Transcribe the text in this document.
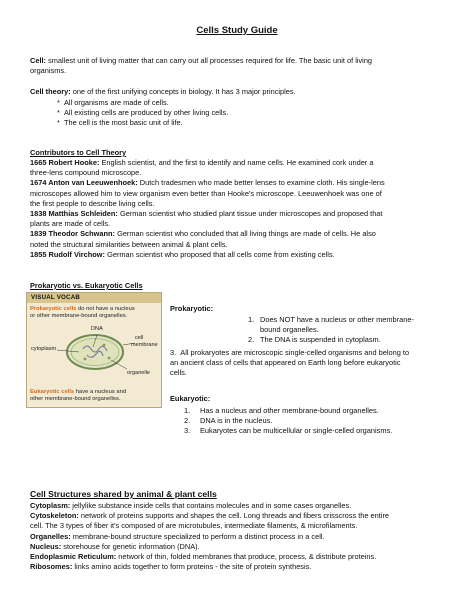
Cells Study Guide
Cell: smallest unit of living matter that can carry out all processes required for life. The basic unit of living
organisms.
Cell theory: one of the first unifying concepts in biology. It has 3 major principles.
*  All organisms are made of cells.
*  All existing cells are produced by other living cells.
*  The cell is the most basic unit of life.
Contributors to Cell Theory
1665 Robert Hooke: English scientist, and the first to identify and name cells. He examined cork under a
three-lens compound microscope.
1674 Anton van Leeuwenhoek: Dutch tradesmen who made better lenses to examine cloth. His single-lens
microscopes allowed him to view organism even better than Hooke's microscope. Leeuwenhoek was one of
the first people to describe living cells.
1838 Matthias Schleiden: German scientist who studied plant tissue under microscopes and proposed that
plants are made of cells.
1839 Theodor Schwann: German scientist who concluded that all living things are made of cells. He also
noted the structural similarities between animal & plant cells.
1855 Rudolf Virchow: German scientist who proposed that all cells come from existing cells.
Prokaryotic vs. Eukaryotic Cells
VISUAL VOCAB
Prokaryotic cells do not have a nucleus
or other membrane-bound organelles.
cytoplasm
DNA
cell
membrane
organelle
Eukaryotic cells have a nucleus and
other membrane-bound organelles.
Prokaryotic:
1. Does NOT have a nucleus or other membrane-
bound organelles.
2. The DNA is suspended in cytoplasm.
3. All prokaryotes are microscopic single-celled organisms and belong to
an ancient class of cells that appeared on Earth long before eukaryotic
cells.
Eukaryotic:
1. Has a nucleus and other membrane-bound organelles.
2. DNA is in the nucleus.
3. Eukaryotes can be multicellular or single-celled organisms.
Cell Structures shared by animal & plant cells
Cytoplasm: jellylike substance inside cells that contains molecules and in some cases organelles.
Cytoskeleton: network of proteins supports and shapes the cell. Long threads and fibers crisscross the entire
cell. The 3 types of fiber it's composed of are microtubules, intermediate filaments, & microfilaments.
Organelles: membrane-bound structure specialized to perform a distinct process in a cell.
Nucleus: storehouse for genetic information (DNA).
Endoplasmic Reticulum: network of thin, folded membranes that produce, process, & distribute proteins.
Ribosomes: links amino acids together to form proteins - the site of protein synthesis.
